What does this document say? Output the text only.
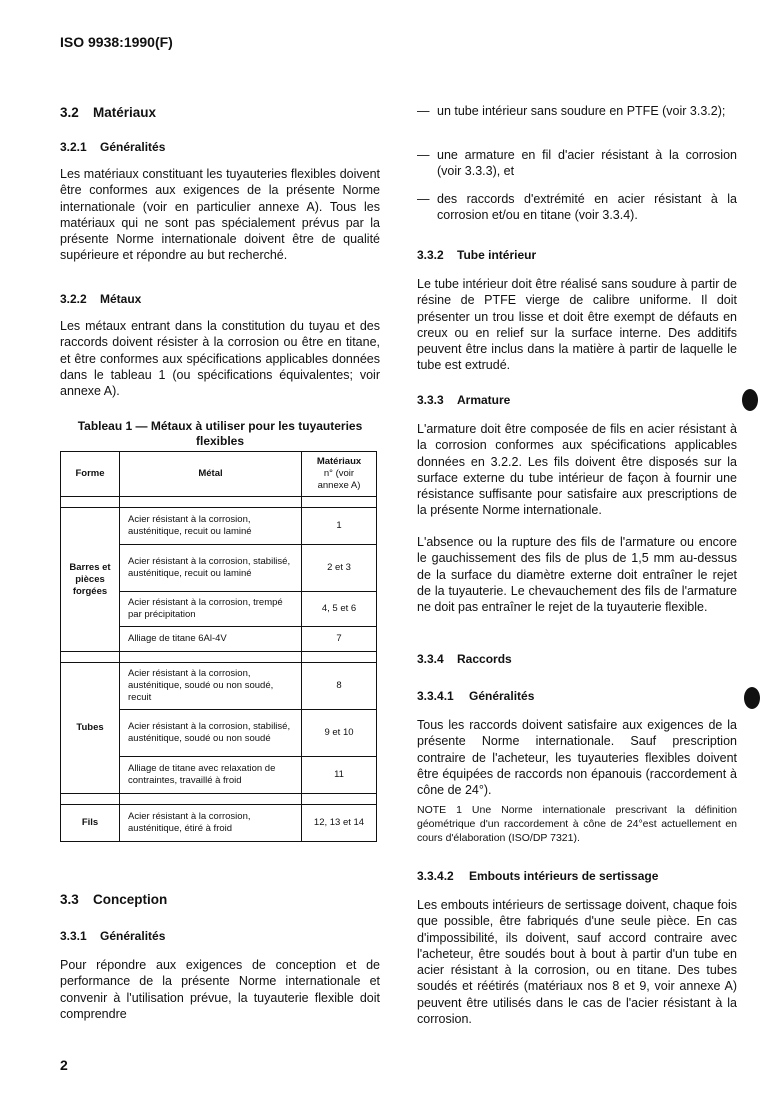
ISO 9938:1990(F)
3.2 Matériaux
3.2.1 Généralités
Les matériaux constituant les tuyauteries flexibles doivent être conformes aux exigences de la présente Norme internationale (voir en particulier annexe A). Tous les matériaux qui ne sont pas spécialement prévus par la présente Norme internationale doivent être de qualité supérieure et répondre au but recherché.
3.2.2 Métaux
Les métaux entrant dans la constitution du tuyau et des raccords doivent résister à la corrosion ou être en titane, et être conformes aux spécifications applicables données dans le tableau 1 (ou spécifications équivalentes; voir annexe A).
Tableau 1 — Métaux à utiliser pour les tuyauteries flexibles
Forme	Métal	Matériaux
n° (voir
annexe A)

Barres et pièces forgées	Acier résistant à la corrosion, austénitique, recuit ou laminé	1
	Acier résistant à la corrosion, stabilisé, austénitique, recuit ou laminé	2 et 3
	Acier résistant à la corrosion, trempé par précipitation	4, 5 et 6
	Alliage de titane 6Al-4V	7

Tubes	Acier résistant à la corrosion, austénitique, soudé ou non soudé, recuit	8
	Acier résistant à la corrosion, stabilisé, austénitique, soudé ou non soudé	9 et 10
	Alliage de titane avec relaxation de contraintes, travaillé à froid	11

Fils	Acier résistant à la corrosion, austénitique, étiré à froid	12, 13 et 14
3.3 Conception
3.3.1 Généralités
Pour répondre aux exigences de conception et de performance de la présente Norme internationale et convenir à l'utilisation prévue, la tuyauterie flexible doit comprendre
— un tube intérieur sans soudure en PTFE (voir 3.3.2);
— une armature en fil d'acier résistant à la corrosion (voir 3.3.3), et
— des raccords d'extrémité en acier résistant à la corrosion et/ou en titane (voir 3.3.4).
3.3.2 Tube intérieur
Le tube intérieur doit être réalisé sans soudure à partir de résine de PTFE vierge de calibre uniforme. Il doit présenter un trou lisse et doit être exempt de défauts en creux ou en relief sur la surface interne. Des additifs peuvent être inclus dans la matière à partir de laquelle le tube est extrudé.
3.3.3 Armature
L'armature doit être composée de fils en acier résistant à la corrosion conformes aux spécifications applicables données en 3.2.2. Les fils doivent être disposés sur la surface externe du tube intérieur de façon à fournir une résistance suffisante pour satisfaire aux prescriptions de la présente Norme internationale.
L'absence ou la rupture des fils de l'armature ou encore le gauchissement des fils de plus de 1,5 mm au-dessus de la surface du diamètre externe doit entraîner le rejet de la tuyauterie. Le chevauchement des fils de l'armature ne doit pas entraîner le rejet de la tuyauterie flexible.
3.3.4 Raccords
3.3.4.1 Généralités
Tous les raccords doivent satisfaire aux exigences de la présente Norme internationale. Sauf prescription contraire de l'acheteur, les tuyauteries flexibles doivent être équipées de raccords non épanouis (raccordement à cône de 24°).
NOTE 1 Une Norme internationale prescrivant la définition géométrique d'un raccordement à cône de 24°est actuellement en cours d'élaboration (ISO/DP 7321).
3.3.4.2 Embouts intérieurs de sertissage
Les embouts intérieurs de sertissage doivent, chaque fois que possible, être fabriqués d'une seule pièce. En cas d'impossibilité, ils doivent, sauf accord contraire avec l'acheteur, être soudés bout à bout à partir d'un tube en acier résistant à la corrosion, ou en titane. Des tubes soudés et réétirés (matériaux nos 8 et 9, voir annexe A) peuvent être utilisés dans le cas de l'acier résistant à la corrosion.
2
